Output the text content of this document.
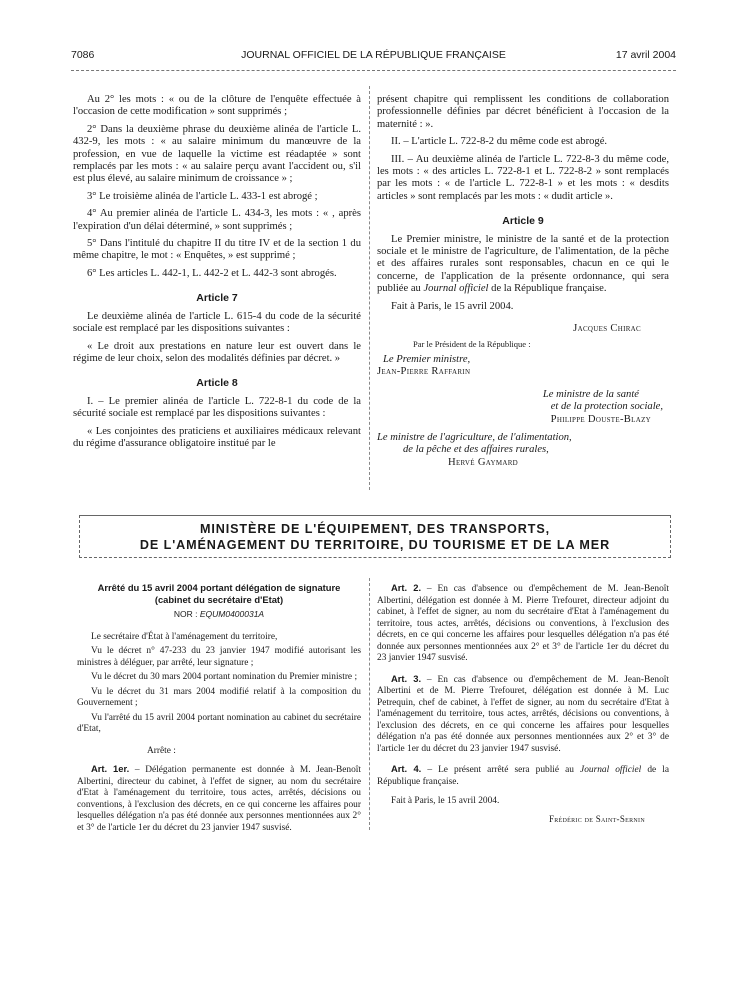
7086	JOURNAL OFFICIEL DE LA RÉPUBLIQUE FRANÇAISE	17 avril 2004

Au 2° les mots : « ou de la clôture de l'enquête effectuée à l'occasion de cette modification » sont supprimés ;

2° Dans la deuxième phrase du deuxième alinéa de l'article L. 432-9, les mots : « au salaire minimum du manœuvre de la profession, en vue de laquelle la victime est réadaptée » sont remplacés par les mots : « au salaire perçu avant l'accident ou, s'il est plus élevé, au salaire minimum de croissance » ;

3° Le troisième alinéa de l'article L. 433-1 est abrogé ;

4° Au premier alinéa de l'article L. 434-3, les mots : « , après l'expiration d'un délai déterminé, » sont supprimés ;

5° Dans l'intitulé du chapitre II du titre IV et de la section 1 du même chapitre, le mot : « Enquêtes, » est supprimé ;

6° Les articles L. 442-1, L. 442-2 et L. 442-3 sont abrogés.

Article 7

Le deuxième alinéa de l'article L. 615-4 du code de la sécurité sociale est remplacé par les dispositions suivantes :

« Le droit aux prestations en nature leur est ouvert dans le régime de leur choix, selon des modalités définies par décret. »

Article 8

I. – Le premier alinéa de l'article L. 722-8-1 du code de la sécurité sociale est remplacé par les dispositions suivantes :

« Les conjointes des praticiens et auxiliaires médicaux relevant du régime d'assurance obligatoire institué par le

présent chapitre qui remplissent les conditions de collaboration professionnelle définies par décret bénéficient à l'occasion de la maternité : ».

II. – L'article L. 722-8-2 du même code est abrogé.

III. – Au deuxième alinéa de l'article L. 722-8-3 du même code, les mots : « des articles L. 722-8-1 et L. 722-8-2 » sont remplacés par les mots : « de l'article L. 722-8-1 » et les mots : « desdits articles » sont remplacés par les mots : « dudit article ».

Article 9

Le Premier ministre, le ministre de la santé et de la protection sociale et le ministre de l'agriculture, de l'alimentation, de la pêche et des affaires rurales sont responsables, chacun en ce qui le concerne, de l'application de la présente ordonnance, qui sera publiée au Journal officiel de la République française.

Fait à Paris, le 15 avril 2004.

Jacques Chirac
Par le Président de la République :
Le Premier ministre,
Jean-Pierre Raffarin
Le ministre de la santé
et de la protection sociale,
Philippe Douste-Blazy
Le ministre de l'agriculture, de l'alimentation,
de la pêche et des affaires rurales,
Hervé Gaymard
MINISTÈRE DE L'ÉQUIPEMENT, DES TRANSPORTS,
DE L'AMÉNAGEMENT DU TERRITOIRE, DU TOURISME ET DE LA MER
Arrêté du 15 avril 2004 portant délégation de signature
(cabinet du secrétaire d'Etat)
NOR : EQUM0400031A

Le secrétaire d'État à l'aménagement du territoire,

Vu le décret n° 47-233 du 23 janvier 1947 modifié autorisant les ministres à déléguer, par arrêté, leur signature ;

Vu le décret du 30 mars 2004 portant nomination du Premier ministre ;

Vu le décret du 31 mars 2004 modifié relatif à la composition du Gouvernement ;

Vu l'arrêté du 15 avril 2004 portant nomination au cabinet du secrétaire d'Etat,

Arrête :

Art. 1er. – Délégation permanente est donnée à M. Jean-Benoît Albertini, directeur du cabinet, à l'effet de signer, au nom du secrétaire d'Etat à l'aménagement du territoire, tous actes, arrêtés, décisions ou conventions, à l'exclusion des décrets, en ce qui concerne les affaires pour lesquelles délégation n'a pas été donnée aux personnes mentionnées aux 2° et 3° de l'article 1er du décret du 23 janvier 1947 susvisé.

Art. 2. – En cas d'absence ou d'empêchement de M. Jean-Benoît Albertini, délégation est donnée à M. Pierre Trefouret, directeur adjoint du cabinet, à l'effet de signer, au nom du secrétaire d'Etat à l'aménagement du territoire, tous actes, arrêtés, décisions ou conventions, à l'exclusion des décrets, en ce qui concerne les affaires pour lesquelles délégation n'a pas été donnée aux personnes mentionnées aux 2° et 3° de l'article 1er du décret du 23 janvier 1947 susvisé.

Art. 3. – En cas d'absence ou d'empêchement de M. Jean-Benoît Albertini et de M. Pierre Trefouret, délégation est donnée à M. Luc Petrequin, chef de cabinet, à l'effet de signer, au nom du secrétaire d'Etat à l'aménagement du territoire, tous actes, arrêtés, décisions ou conventions, à l'exclusion des décrets, en ce qui concerne les affaires pour lesquelles délégation n'a pas été donnée aux personnes mentionnées aux 2° et 3° de l'article 1er du décret du 23 janvier 1947 susvisé.

Art. 4. – Le présent arrêté sera publié au Journal officiel de la République française.

Fait à Paris, le 15 avril 2004.

Frédéric de Saint-Sernin
